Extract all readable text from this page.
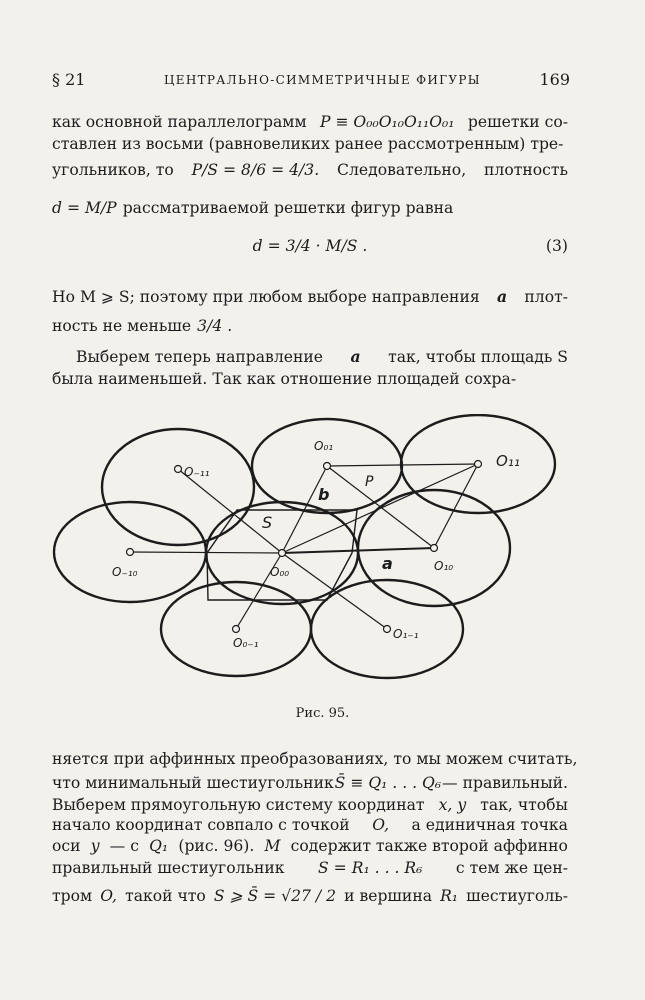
§ 21	ЦЕНТРАЛЬНО-СИММЕТРИЧНЫЕ ФИГУРЫ	169
как основной параллелограмм P ≡ O₀₀O₁₀O₁₁O₀₁ решетки со-
ставлен из восьми (равновеликих ранее рассмотренным) тре-
угольников, то P/S = 8/6 = 4/3. Следовательно, плотность
d = M/P рассматриваемой решетки фигур равна
d = 3/4 · M/S .	(3)
Но M ⩾ S; поэтому при любом выборе направления a плот-
ность не меньше 3/4 .
Выберем теперь направление a так, чтобы площадь S
была наименьшей. Так как отношение площадей сохра-
O₋₁₁
O₀₁
O₁₁
O₋₁₀	O₀₀	O₁₀
O₀₋₁
O₁₋₁
a
b
S
P
Рис. 95.
няется при аффинных преобразованиях, то мы можем считать,
что минимальный шестиугольник S̄ ≡ Q₁ . . . Q₆ — правильный.
Выберем прямоугольную систему координат x, y так, чтобы
начало координат совпало с точкой O, а единичная точка
оси y — с Q₁ (рис. 96). M содержит также второй аффинно
правильный шестиугольник S = R₁ . . . R₆ с тем же цен-
тром O, такой что S ⩾ S̄ = √27 / 2 и вершина R₁ шестиуголь-
